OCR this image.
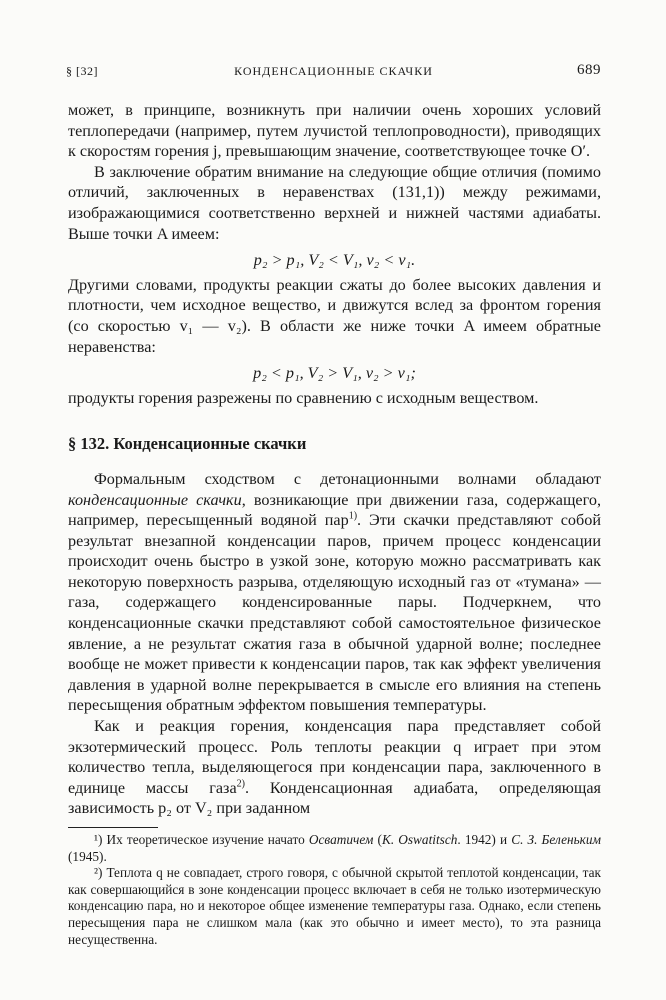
§ [32]	КОНДЕНСАЦИОННЫЕ СКАЧКИ	689

может, в принципе, возникнуть при наличии очень хороших условий теплопередачи (например, путем лучистой теплопроводности), приводящих к скоростям горения j, превышающим значение, соответствующее точке O′.

В заключение обратим внимание на следующие общие отличия (помимо отличий, заключенных в неравенствах (131,1)) между режимами, изображающимися соответственно верхней и нижней частями адиабаты. Выше точки A имеем:

p₂ > p₁, V₂ < V₁, v₂ < v₁.

Другими словами, продукты реакции сжаты до более высоких давления и плотности, чем исходное вещество, и движутся вслед за фронтом горения (со скоростью v₁ — v₂). В области же ниже точки A имеем обратные неравенства:

p₂ < p₁, V₂ > V₁, v₂ > v₁;

продукты горения разрежены по сравнению с исходным веществом.

§ 132. Конденсационные скачки

Формальным сходством с детонационными волнами обладают конденсационные скачки, возникающие при движении газа, содержащего, например, пересыщенный водяной пар$^{1)}$. Эти скачки представляют собой результат внезапной конденсации паров, причем процесс конденсации происходит очень быстро в узкой зоне, которую можно рассматривать как некоторую поверхность разрыва, отделяющую исходный газ от «тумана» — газа, содержащего конденсированные пары. Подчеркнем, что конденсационные скачки представляют собой самостоятельное физическое явление, а не результат сжатия газа в обычной ударной волне; последнее вообще не может привести к конденсации паров, так как эффект увеличения давления в ударной волне перекрывается в смысле его влияния на степень пересыщения обратным эффектом повышения температуры.

Как и реакция горения, конденсация пара представляет собой экзотермический процесс. Роль теплоты реакции q играет при этом количество тепла, выделяющегося при конденсации пара, заключенного в единице массы газа$^{2)}$. Конденсационная адиабата, определяющая зависимость p₂ от V₂ при заданном

¹) Их теоретическое изучение начато Осватичем (K. Oswatitsch. 1942) и С. З. Беленьким (1945).

²) Теплота q не совпадает, строго говоря, с обычной скрытой теплотой конденсации, так как совершающийся в зоне конденсации процесс включает в себя не только изотермическую конденсацию пара, но и некоторое общее изменение температуры газа. Однако, если степень пересыщения пара не слишком мала (как это обычно и имеет место), то эта разница несущественна.
